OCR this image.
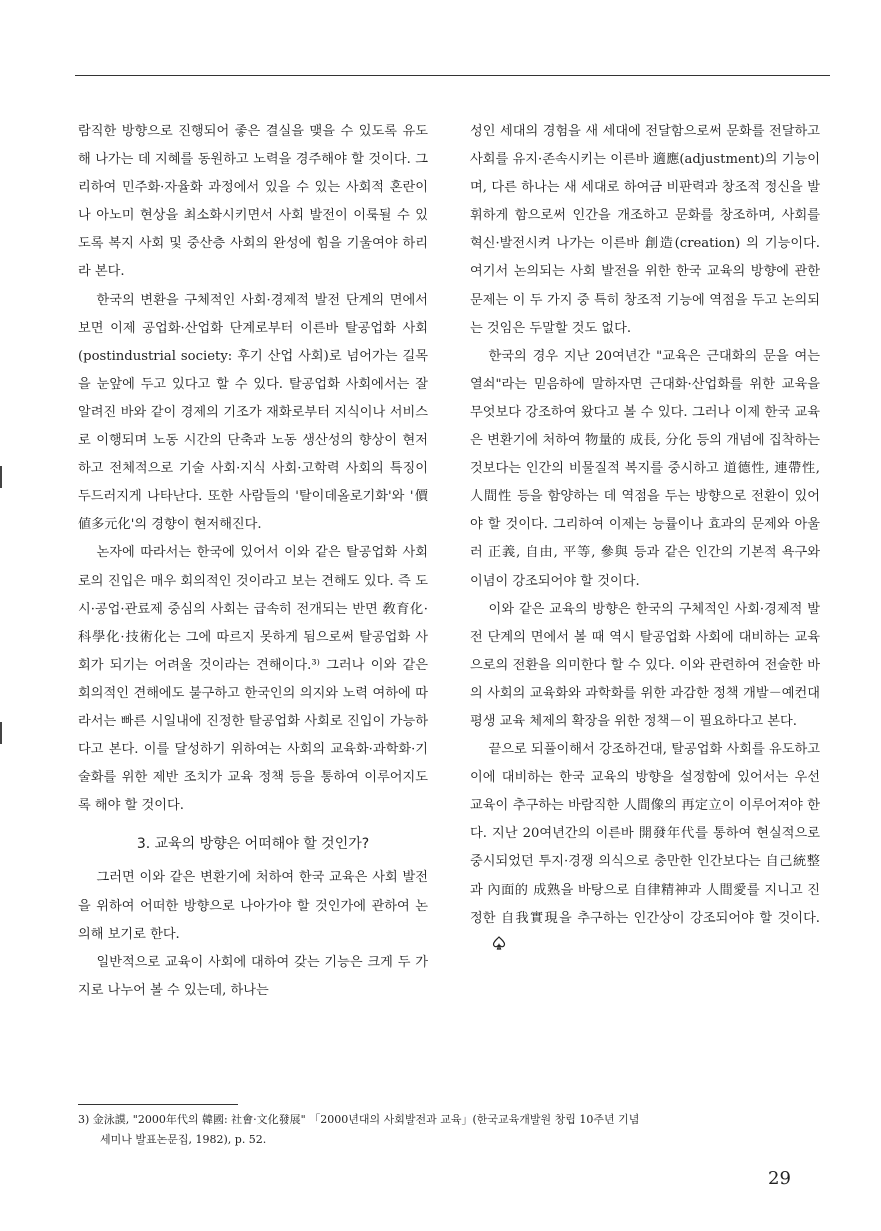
람직한 방향으로 진행되어 좋은 결실을 맺을 수 있도록 유도해 나가는 데 지혜를 동원하고 노력을 경주해야 할 것이다. 그리하여 민주화·자율화 과정에서 있을 수 있는 사회적 혼란이나 아노미 현상을 최소화시키면서 사회 발전이 이룩될 수 있도록 복지 사회 및 중산층 사회의 완성에 힘을 기울여야 하리라 본다.

한국의 변환을 구체적인 사회·경제적 발전 단계의 면에서 보면 이제 공업화·산업화 단계로부터 이른바 탈공업화 사회(postindustrial society: 후기 산업 사회)로 넘어가는 길목을 눈앞에 두고 있다고 할 수 있다. 탈공업화 사회에서는 잘 알려진 바와 같이 경제의 기조가 재화로부터 지식이나 서비스로 이행되며 노동 시간의 단축과 노동 생산성의 향상이 현저하고 전체적으로 기술 사회·지식 사회·고학력 사회의 특징이 두드러지게 나타난다. 또한 사람들의 '탈이데올로기화'와 '價値多元化'의 경향이 현저해진다.

논자에 따라서는 한국에 있어서 이와 같은 탈공업화 사회로의 진입은 매우 회의적인 것이라고 보는 견해도 있다. 즉 도시·공업·관료제 중심의 사회는 급속히 전개되는 반면 敎育化·科學化·技術化는 그에 따르지 못하게 됨으로써 탈공업화 사회가 되기는 어려울 것이라는 견해이다.³⁾ 그러나 이와 같은 회의적인 견해에도 불구하고 한국인의 의지와 노력 여하에 따라서는 빠른 시일내에 진정한 탈공업화 사회로 진입이 가능하다고 본다. 이를 달성하기 위하여는 사회의 교육화·과학화·기술화를 위한 제반 조치가 교육 정책 등을 통하여 이루어지도록 해야 할 것이다.

3. 교육의 방향은 어떠해야 할 것인가?

그러면 이와 같은 변환기에 처하여 한국 교육은 사회 발전을 위하여 어떠한 방향으로 나아가야 할 것인가에 관하여 논의해 보기로 한다.

일반적으로 교육이 사회에 대하여 갖는 기능은 크게 두 가지로 나누어 볼 수 있는데, 하나는

성인 세대의 경험을 새 세대에 전달함으로써 문화를 전달하고 사회를 유지·존속시키는 이른바 適應(adjustment)의 기능이며, 다른 하나는 새 세대로 하여금 비판력과 창조적 정신을 발휘하게 함으로써 인간을 개조하고 문화를 창조하며, 사회를 혁신·발전시켜 나가는 이른바 創造(creation) 의 기능이다. 여기서 논의되는 사회 발전을 위한 한국 교육의 방향에 관한 문제는 이 두 가지 중 특히 창조적 기능에 역점을 두고 논의되는 것임은 두말할 것도 없다.

한국의 경우 지난 20여년간 "교육은 근대화의 문을 여는 열쇠"라는 믿음하에 말하자면 근대화·산업화를 위한 교육을 무엇보다 강조하여 왔다고 볼 수 있다. 그러나 이제 한국 교육은 변환기에 처하여 物量的 成長, 分化 등의 개념에 집착하는 것보다는 인간의 비물질적 복지를 중시하고 道德性, 連帶性, 人間性 등을 함양하는 데 역점을 두는 방향으로 전환이 있어야 할 것이다. 그리하여 이제는 능률이나 효과의 문제와 아울러 正義, 自由, 平等, 參與 등과 같은 인간의 기본적 욕구와 이념이 강조되어야 할 것이다.

이와 같은 교육의 방향은 한국의 구체적인 사회·경제적 발전 단계의 면에서 볼 때 역시 탈공업화 사회에 대비하는 교육으로의 전환을 의미한다 할 수 있다. 이와 관련하여 전술한 바의 사회의 교육화와 과학화를 위한 과감한 정책 개발－예컨대 평생 교육 체제의 확장을 위한 정책－이 필요하다고 본다.

끝으로 되풀이해서 강조하건대, 탈공업화 사회를 유도하고 이에 대비하는 한국 교육의 방향을 설정함에 있어서는 우선 교육이 추구하는 바람직한 人間像의 再定立이 이루어져야 한다. 지난 20여년간의 이른바 開發年代를 통하여 현실적으로 중시되었던 투지·경쟁 의식으로 충만한 인간보다는 自己統整과 內面的 成熟을 바탕으로 自律精神과 人間愛를 지니고 진정한 自我實現을 추구하는 인간상이 강조되어야 할 것이다.

3) 金泳謨, "2000年代의 韓國: 社會·文化發展" 「2000년대의 사회발전과 교육」(한국교육개발원 창립 10주년 기념
세미나 발표논문집, 1982), p. 52.
29
